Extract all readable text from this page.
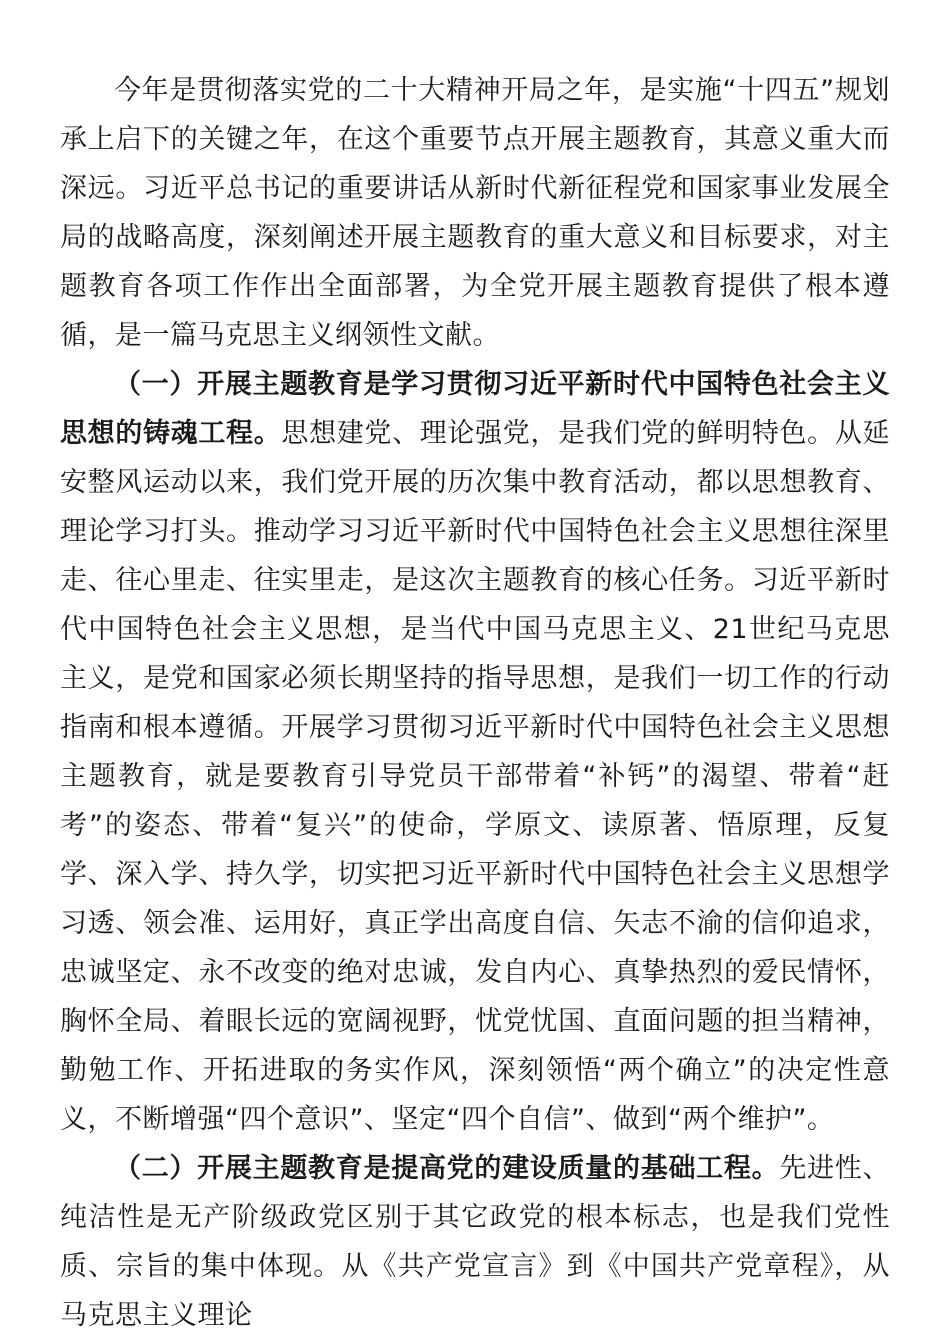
今年是贯彻落实党的二十大精神开局之年，是实施“十四五”规划承上启下的关键之年，在这个重要节点开展主题教育，其意义重大而深远。习近平总书记的重要讲话从新时代新征程党和国家事业发展全局的战略高度，深刻阐述开展主题教育的重大意义和目标要求，对主题教育各项工作作出全面部署，为全党开展主题教育提供了根本遵循，是一篇马克思主义纲领性文献。

（一）开展主题教育是学习贯彻习近平新时代中国特色社会主义思想的铸魂工程。思想建党、理论强党，是我们党的鲜明特色。从延安整风运动以来，我们党开展的历次集中教育活动，都以思想教育、理论学习打头。推动学习习近平新时代中国特色社会主义思想往深里走、往心里走、往实里走，是这次主题教育的核心任务。习近平新时代中国特色社会主义思想，是当代中国马克思主义、21世纪马克思主义，是党和国家必须长期坚持的指导思想，是我们一切工作的行动指南和根本遵循。开展学习贯彻习近平新时代中国特色社会主义思想主题教育，就是要教育引导党员干部带着“补钙”的渴望、带着“赶考”的姿态、带着“复兴”的使命，学原文、读原著、悟原理，反复学、深入学、持久学，切实把习近平新时代中国特色社会主义思想学习透、领会准、运用好，真正学出高度自信、矢志不渝的信仰追求，忠诚坚定、永不改变的绝对忠诚，发自内心、真挚热烈的爱民情怀，胸怀全局、着眼长远的宽阔视野，忧党忧国、直面问题的担当精神，勤勉工作、开拓进取的务实作风，深刻领悟“两个确立”的决定性意义，不断增强“四个意识”、坚定“四个自信”、做到“两个维护”。

（二）开展主题教育是提高党的建设质量的基础工程。先进性、纯洁性是无产阶级政党区别于其它政党的根本标志，也是我们党性质、宗旨的集中体现。从《共产党宣言》到《中国共产党章程》，从马克思主义理论
